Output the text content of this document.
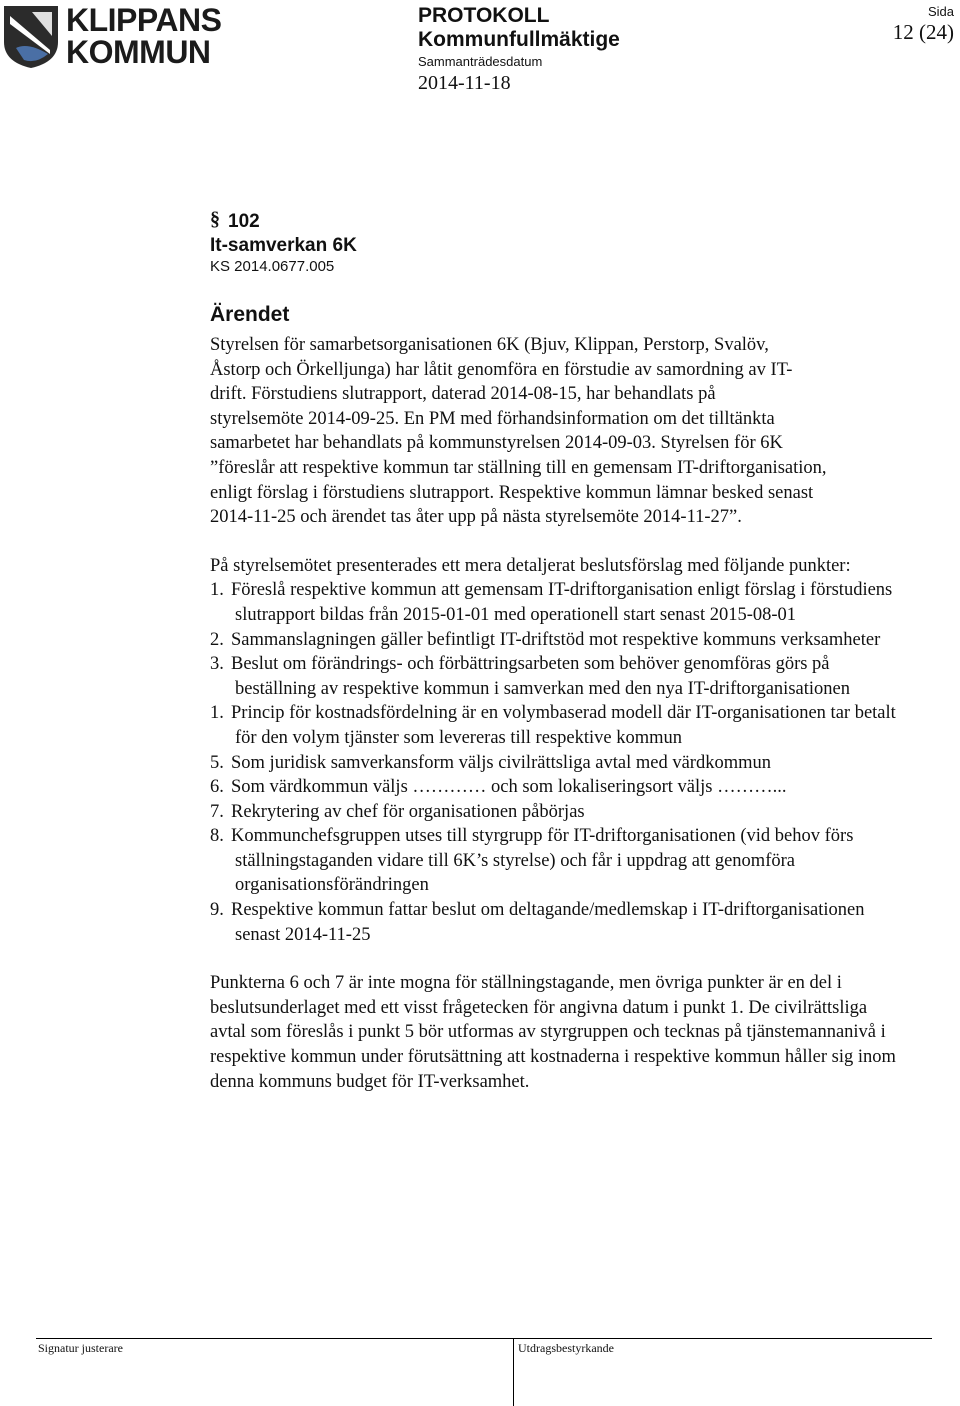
KLIPPANS
KOMMUN
PROTOKOLL
Kommunfullmäktige
Sammanträdesdatum
2014-11-18
Sida
12 (24)
§ 102
It-samverkan 6K
KS 2014.0677.005
Ärendet
Styrelsen för samarbetsorganisationen 6K (Bjuv, Klippan, Perstorp, Svalöv,
Åstorp och Örkelljunga) har låtit genomföra en förstudie av samordning av IT-
drift. Förstudiens slutrapport, daterad 2014-08-15, har behandlats på
styrelsemöte 2014-09-25. En PM med förhandsinformation om det tilltänkta
samarbetet har behandlats på kommunstyrelsen 2014-09-03. Styrelsen för 6K
”föreslår att respektive kommun tar ställning till en gemensam IT-driftorganisation,
enligt förslag i förstudiens slutrapport. Respektive kommun lämnar besked senast
2014-11-25 och ärendet tas åter upp på nästa styrelsemöte 2014-11-27”.

På styrelsemötet presenterades ett mera detaljerat beslutsförslag med följande punkter:

1. Föreslå respektive kommun att gemensam IT-driftorganisation enligt förslag i förstudiens slutrapport bildas från 2015-01-01 med operationell start senast 2015-08-01
2. Sammanslagningen gäller befintligt IT-driftstöd mot respektive kommuns verksamheter
3. Beslut om förändrings- och förbättringsarbeten som behöver genomföras görs på beställning av respektive kommun i samverkan med den nya IT-driftorganisationen
1. Princip för kostnadsfördelning är en volymbaserad modell där IT-organisationen tar betalt för den volym tjänster som levereras till respektive kommun
5. Som juridisk samverkansform väljs civilrättsliga avtal med värdkommun
6. Som värdkommun väljs ………… och som lokaliseringsort väljs ………...
7. Rekrytering av chef för organisationen påbörjas
8. Kommunchefsgruppen utses till styrgrupp för IT-driftorganisationen (vid behov förs ställningstaganden vidare till 6K’s styrelse) och får i uppdrag att genomföra organisationsförändringen
9. Respektive kommun fattar beslut om deltagande/medlemskap i IT-driftorganisationen senast 2014-11-25

Punkterna 6 och 7 är inte mogna för ställningstagande, men övriga punkter är en del i beslutsunderlaget med ett visst frågetecken för angivna datum i punkt 1. De civilrättsliga avtal som föreslås i punkt 5 bör utformas av styrgruppen och tecknas på tjänstemannanivå i respektive kommun under förutsättning att kostnaderna i respektive kommun håller sig inom denna kommuns budget för IT-verksamhet.

Signatur justerare	Utdragsbestyrkande
